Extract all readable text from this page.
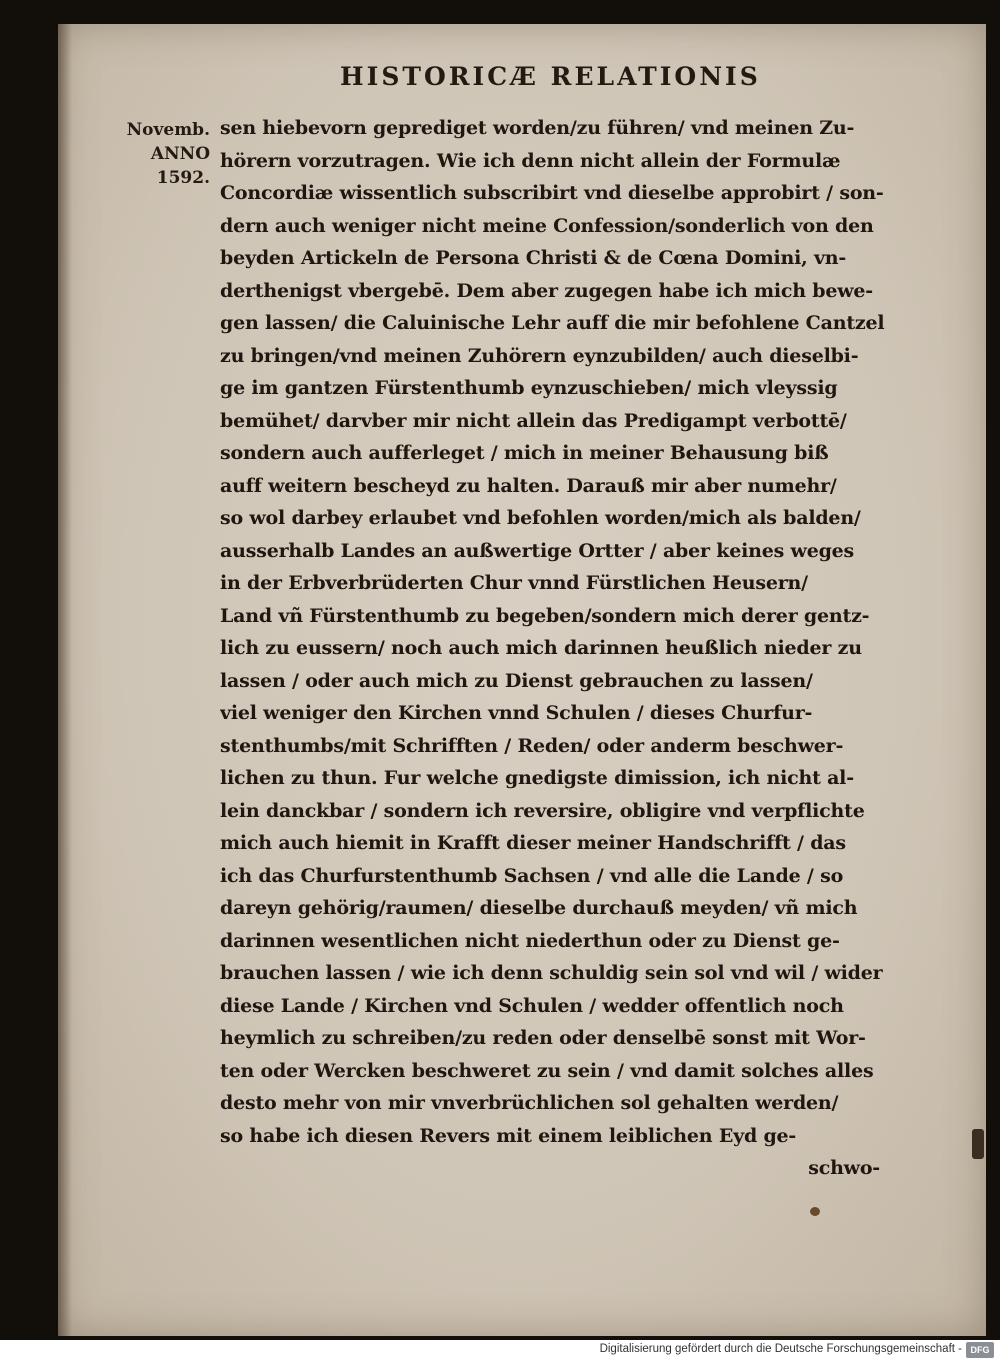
HISTORICÆ RELATIONIS
Novemb.
ANNO
1592.
sen hiebevorn geprediget worden/zu führen/ vnd meinen Zu-
hörern vorzutragen. Wie ich denn nicht allein der Formulæ
Concordiæ wissentlich subscribirt vnd dieselbe approbirt / son-
dern auch weniger nicht meine Confession/sonderlich von den
beyden Artickeln de Persona Christi & de Cœna Domini, vn-
derthenigst vbergebē. Dem aber zugegen habe ich mich bewe-
gen lassen/ die Caluinische Lehr auff die mir befohlene Cantzel
zu bringen/vnd meinen Zuhörern eynzubilden/ auch dieselbi-
ge im gantzen Fürstenthumb eynzuschieben/ mich vleyssig
bemühet/ darvber mir nicht allein das Predigampt verbottē/
sondern auch aufferleget / mich in meiner Behausung biß
auff weitern bescheyd zu halten. Darauß mir aber numehr/
so wol darbey erlaubet vnd befohlen worden/mich als balden/
ausserhalb Landes an außwertige Ortter / aber keines weges
in der Erbverbrüderten Chur vnnd Fürstlichen Heusern/
Land vñ Fürstenthumb zu begeben/sondern mich derer gentz-
lich zu eussern/ noch auch mich darinnen heußlich nieder zu
lassen / oder auch mich zu Dienst gebrauchen zu lassen/
viel weniger den Kirchen vnnd Schulen / dieses Churfur-
stenthumbs/mit Schrifften / Reden/ oder anderm beschwer-
lichen zu thun. Fur welche gnedigste dimission, ich nicht al-
lein danckbar / sondern ich reversire, obligire vnd verpflichte
mich auch hiemit in Krafft dieser meiner Handschrifft / das
ich das Churfurstenthumb Sachsen / vnd alle die Lande / so
dareyn gehörig/raumen/ dieselbe durchauß meyden/ vñ mich
darinnen wesentlichen nicht niederthun oder zu Dienst ge-
brauchen lassen / wie ich denn schuldig sein sol vnd wil / wider
diese Lande / Kirchen vnd Schulen / wedder offentlich noch
heymlich zu schreiben/zu reden oder denselbē sonst mit Wor-
ten oder Wercken beschweret zu sein / vnd damit solches alles
desto mehr von mir vnverbrüchlichen sol gehalten werden/
so habe ich diesen Revers mit einem leiblichen Eyd ge-
schwo-
Digitalisierung gefördert durch die Deutsche Forschungsgemeinschaft - DFG
